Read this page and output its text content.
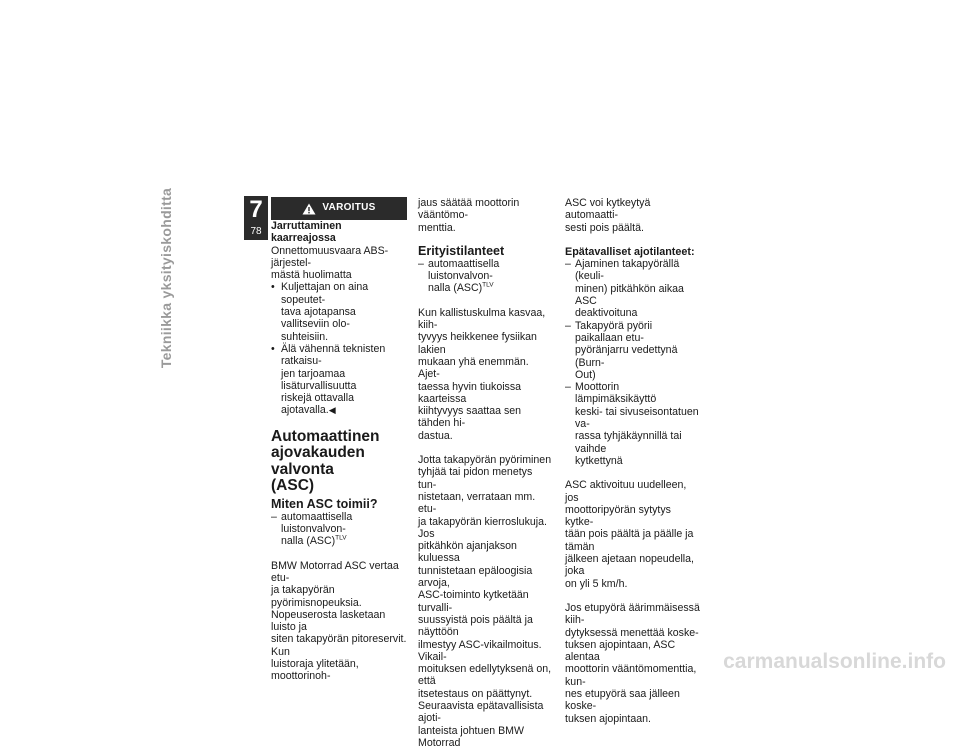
7
78
Tekniikka yksityiskohditta	VAROITUS

Jarruttaminen kaarreajossa

Onnettomuusvaara ABS-järjestel-
mästä huolimatta

• Kuljettajan on aina sopeutet-
tava ajotapansa vallitseviin olo-
suhteisiin.
• Älä vähennä teknisten ratkaisu-
jen tarjoamaa lisäturvallisuutta
riskejä ottavalla ajotavalla.◀
Automaattinen
ajovakauden valvonta
(ASC)
Miten ASC toimii?
– automaattisella luistonvalvon-
nalla (ASC)$^{TLV}$

BMW Motorrad ASC vertaa etu-
ja takapyörän pyörimisnopeuksia.
Nopeuserosta lasketaan luisto ja
siten takapyörän pitoreservit. Kun
luistoraja ylitetään, moottorinoh-

jaus säätää moottorin vääntömo-
menttia.

Erityistilanteet
– automaattisella luistonvalvon-
nalla (ASC)$^{TLV}$

Kun kallistuskulma kasvaa, kiih-
tyvyys heikkenee fysiikan lakien
mukaan yhä enemmän. Ajet-
taessa hyvin tiukoissa kaarteissa
kiihtyvyys saattaa sen tähden hi-
dastua.

Jotta takapyörän pyöriminen
tyhjää tai pidon menetys tun-
nistetaan, verrataan mm. etu-
ja takapyörän kierroslukuja. Jos
pitkähkön ajanjakson kuluessa
tunnistetaan epäloogisia arvoja,
ASC-toiminto kytketään turvalli-
suussyistä pois päältä ja näyttöön
ilmestyy ASC-vikailmoitus. Vikail-
moituksen edellytyksenä on, että
itsetestaus on päättynyt.
Seuraavista epätavallisista ajoti-
lanteista johtuen BMW Motorrad

ASC voi kytkeytyä automaatti-
sesti pois päältä.

Epätavalliset ajotilanteet:

– Ajaminen takapyörällä (keuli-
minen) pitkähkön aikaa ASC
deaktivoituna
– Takapyörä pyörii paikallaan etu-
pyöränjarru vedettynä (Burn-
Out)
– Moottorin lämpimäksikäyttö
keski- tai sivuseisontatuen va-
rassa tyhjäkäynnillä tai vaihde
kytkettynä

ASC aktivoituu uudelleen, jos
moottoripyörän sytytys kytke-
tään pois päältä ja päälle ja tämän
jälkeen ajetaan nopeudella, joka
on yli 5 km/h.

Jos etupyörä äärimmäisessä kiih-
dytyksessä menettää koske-
tuksen ajopintaan, ASC alentaa
moottorin vääntömomenttia, kun-
nes etupyörä saa jälleen koske-
tuksen ajopintaan.

carmanualsonline.info
